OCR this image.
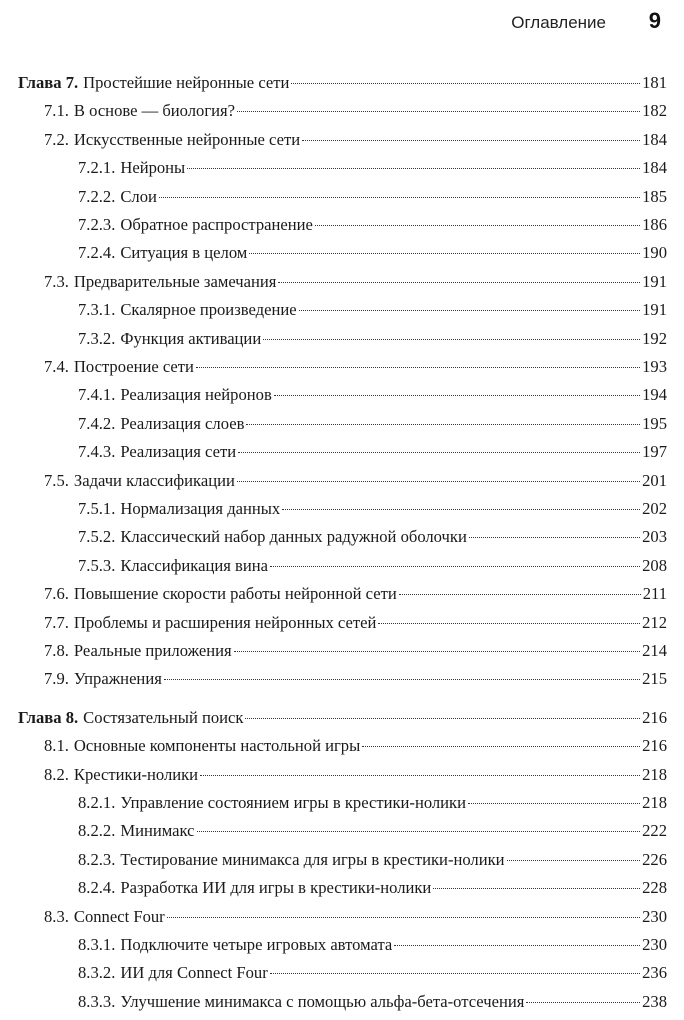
Оглавление 9
Глава 7. Простейшие нейронные сети	181
7.1. В основе — биология?	182
7.2. Искусственные нейронные сети	184
7.2.1. Нейроны	184
7.2.2. Слои	185
7.2.3. Обратное распространение	186
7.2.4. Ситуация в целом	190
7.3. Предварительные замечания	191
7.3.1. Скалярное произведение	191
7.3.2. Функция активации	192
7.4. Построение сети	193
7.4.1. Реализация нейронов	194
7.4.2. Реализация слоев	195
7.4.3. Реализация сети	197
7.5. Задачи классификации	201
7.5.1. Нормализация данных	202
7.5.2. Классический набор данных радужной оболочки	203
7.5.3. Классификация вина	208
7.6. Повышение скорости работы нейронной сети	211
7.7. Проблемы и расширения нейронных сетей	212
7.8. Реальные приложения	214
7.9. Упражнения	215
Глава 8. Состязательный поиск	216
8.1. Основные компоненты настольной игры	216
8.2. Крестики-нолики	218
8.2.1. Управление состоянием игры в крестики-нолики	218
8.2.2. Минимакс	222
8.2.3. Тестирование минимакса для игры в крестики-нолики	226
8.2.4. Разработка ИИ для игры в крестики-нолики	228
8.3. Connect Four	230
8.3.1. Подключите четыре игровых автомата	230
8.3.2. ИИ для Connect Four	236
8.3.3. Улучшение минимакса с помощью альфа-бета-отсечения	238
